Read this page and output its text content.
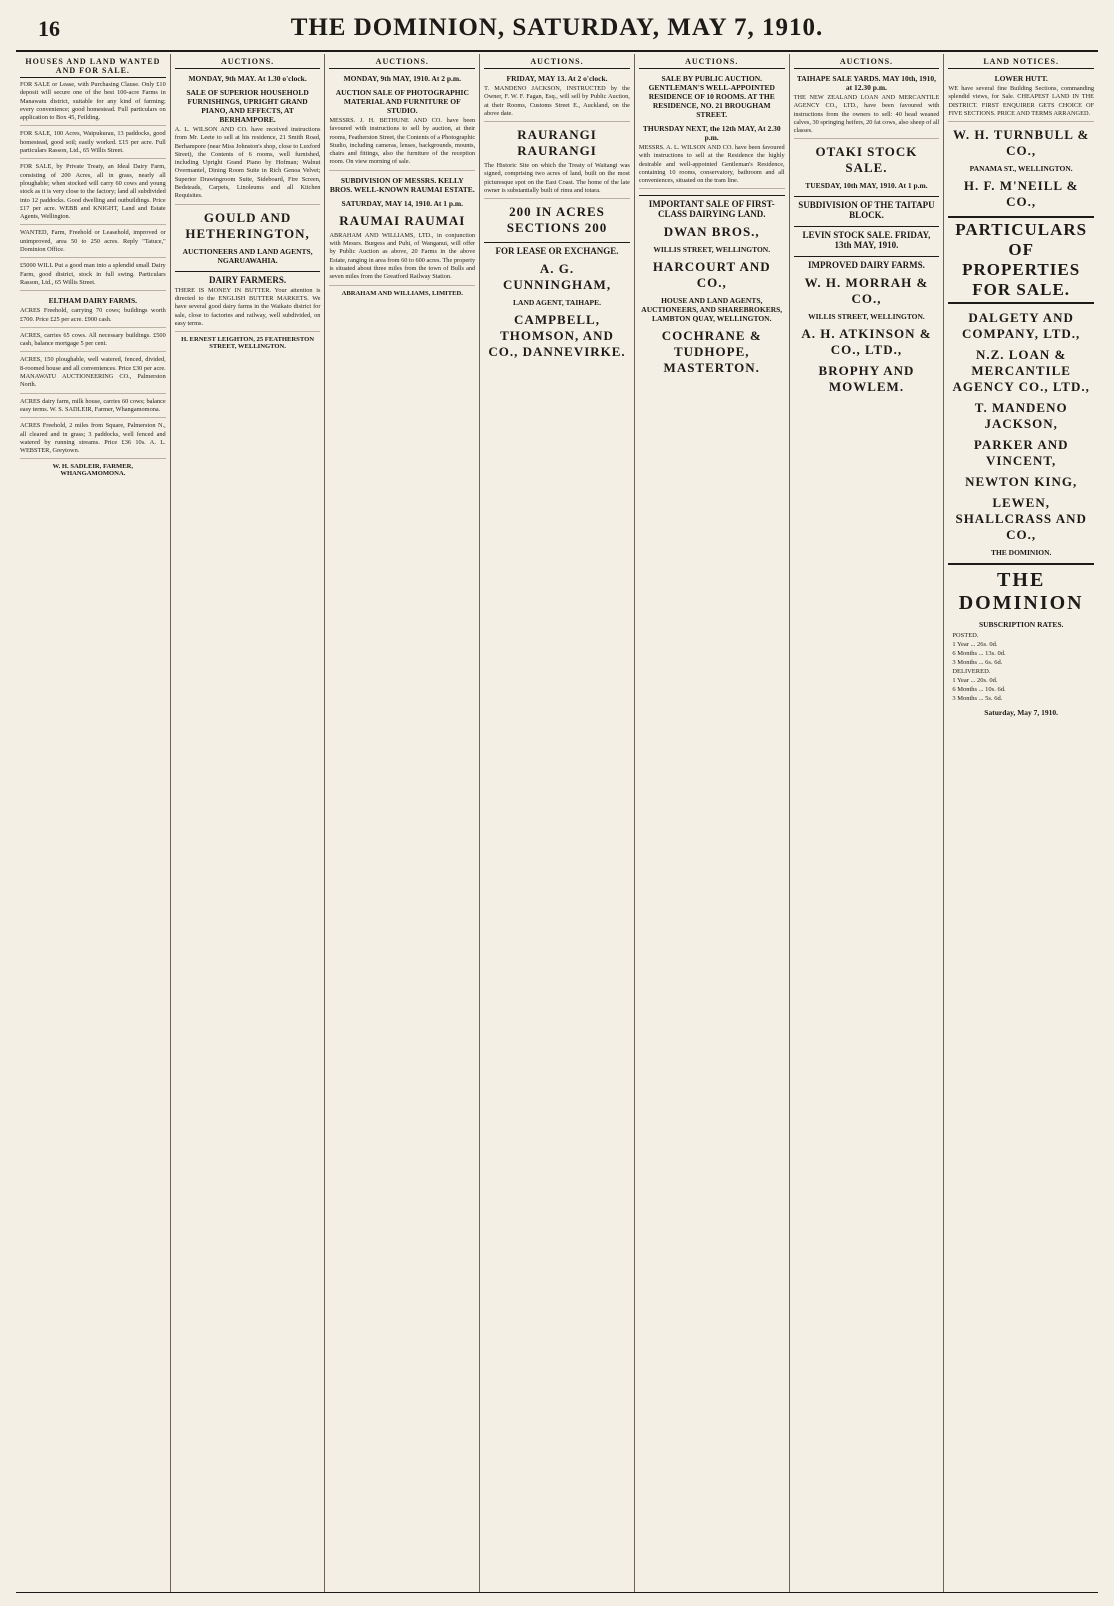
16	THE DOMINION, SATURDAY, MAY 7, 1910.
HOUSES AND LAND WANTED AND FOR SALE.

FOR SALE or Lease, with Purchasing Clause. Only £10 deposit will secure one of the best 100-acre Farms in Manawatu district, suitable for any kind of farming; every convenience; good homestead. Full particulars on application to Box 45, Feilding.

FOR SALE, 100 Acres, Waipukurau, 13 paddocks, good homestead, good soil; easily worked. £15 per acre. Full particulars Rasson, Ltd., 65 Willis Street.

FOR SALE, by Private Treaty, an Ideal Dairy Farm, consisting of 200 Acres, all in grass, nearly all ploughable; when stocked will carry 60 cows and young stock as it is very close to the factory; land all subdivided into 12 paddocks. Good dwelling and outbuildings. Price £17 per acre. WEBB and KNIGHT, Land and Estate Agents, Wellington.

WANTED, Farm, Freehold or Leasehold, improved or unimproved, area 50 to 250 acres. Reply "Tatuce," Dominion Office.

£5000 WILL Put a good man into a splendid small Dairy Farm, good district, stock in full swing. Particulars Rasson, Ltd., 65 Willis Street.

ELTHAM DAIRY FARMS.

ACRES Freehold, carrying 70 cows; buildings worth £700. Price £25 per acre. £900 cash.

ACRES, carries 65 cows. All necessary buildings. £500 cash, balance mortgage 5 per cent.

ACRES, 150 ploughable, well watered, fenced, divided, 8-roomed house and all conveniences. Price £30 per acre. MANAWATU AUCTIONEERING CO., Palmerston North.

ACRES dairy farm, milk house, carries 60 cows; balance easy terms. W. S. SADLEIR, Farmer, Whangamomona.

ACRES Freehold, 2 miles from Square, Palmerston N., all cleared and in grass; 3 paddocks, well fenced and watered by running streams. Price £36 10s. A. L. WEBSTER, Greytown.

W. H. SADLEIR, FARMER, WHANGAMOMONA.
AUCTIONS.
MONDAY, 9th MAY. At 1.30 o'clock.
SALE OF SUPERIOR HOUSEHOLD FURNISHINGS, UPRIGHT GRAND PIANO, AND EFFECTS, AT BERHAMPORE.

A. L. WILSON AND CO. have received instructions from Mr. Leete to sell at his residence, 21 Smith Road, Berhampore (near Miss Johnston's shop, close to Luxford Street), the Contents of 6 rooms, well furnished, including Upright Grand Piano by Hofman; Walnut Overmantel, Dining Room Suite in Rich Genoa Velvet; Superior Drawingroom Suite, Sideboard, Fire Screen, Bedsteads, Carpets, Linoleums and all Kitchen Requisites.

GOULD AND HETHERINGTON,
AUCTIONEERS AND LAND AGENTS, NGARUAWAHIA.
DAIRY FARMERS.

THERE IS MONEY IN BUTTER. Your attention is directed to the ENGLISH BUTTER MARKETS. We have several good dairy farms in the Waikato district for sale, close to factories and railway, well subdivided, on easy terms.

H. ERNEST LEIGHTON, 25 FEATHERSTON STREET, WELLINGTON.
AUCTIONS.
MONDAY, 9th MAY, 1910. At 2 p.m.
AUCTION SALE OF PHOTOGRAPHIC MATERIAL AND FURNITURE OF STUDIO.

MESSRS. J. H. BETHUNE AND CO. have been favoured with instructions to sell by auction, at their rooms, Featherston Street, the Contents of a Photographic Studio, including cameras, lenses, backgrounds, mounts, chairs and fittings, also the furniture of the reception room. On view morning of sale.

SUBDIVISION OF MESSRS. KELLY BROS. WELL-KNOWN RAUMAI ESTATE.
SATURDAY, MAY 14, 1910. At 1 p.m.
RAUMAI RAUMAI

ABRAHAM AND WILLIAMS, LTD., in conjunction with Messrs. Burgess and Puhi, of Wanganui, will offer by Public Auction as above, 20 Farms in the above Estate, ranging in area from 60 to 600 acres. The property is situated about three miles from the town of Bulls and seven miles from the Greatford Railway Station.

ABRAHAM AND WILLIAMS, LIMITED.
AUCTIONS.
FRIDAY, MAY 13. At 2 o'clock.

T. MANDENO JACKSON, INSTRUCTED by the Owner, F. W. F. Fagan, Esq., will sell by Public Auction, at their Rooms, Customs Street E., Auckland, on the above date.

RAURANGI RAURANGI

The Historic Site on which the Treaty of Waitangi was signed, comprising two acres of land, built on the most picturesque spot on the East Coast. The home of the late owner is substantially built of rimu and totara.

200 IN ACRES SECTIONS 200
FOR LEASE OR EXCHANGE.
A. G. CUNNINGHAM,
LAND AGENT, TAIHAPE.
CAMPBELL, THOMSON, AND CO., DANNEVIRKE.
AUCTIONS.
SALE BY PUBLIC AUCTION. GENTLEMAN'S WELL-APPOINTED RESIDENCE OF 10 ROOMS. AT THE RESIDENCE, NO. 21 BROUGHAM STREET.
THURSDAY NEXT, the 12th MAY, At 2.30 p.m.

MESSRS. A. L. WILSON AND CO. have been favoured with instructions to sell at the Residence the highly desirable and well-appointed Gentleman's Residence, containing 10 rooms, conservatory, bathroom and all conveniences, situated on the tram line.

IMPORTANT SALE OF FIRST-CLASS DAIRYING LAND.
DWAN BROS.,
WILLIS STREET, WELLINGTON.
HARCOURT AND CO.,
HOUSE AND LAND AGENTS, AUCTIONEERS, AND SHAREBROKERS, LAMBTON QUAY, WELLINGTON.
COCHRANE & TUDHOPE, MASTERTON.
AUCTIONS.
TAIHAPE SALE YARDS. MAY 10th, 1910, at 12.30 p.m.

THE NEW ZEALAND LOAN AND MERCANTILE AGENCY CO., LTD., have been favoured with instructions from the owners to sell: 40 head weaned calves, 30 springing heifers, 20 fat cows, also sheep of all classes.

OTAKI STOCK SALE.
TUESDAY, 10th MAY, 1910. At 1 p.m.
SUBDIVISION OF THE TAITAPU BLOCK.
LEVIN STOCK SALE. FRIDAY, 13th MAY, 1910.
IMPROVED DAIRY FARMS.
W. H. MORRAH & CO.,
WILLIS STREET, WELLINGTON.
A. H. ATKINSON & CO., LTD.,
BROPHY AND MOWLEM.
LAND NOTICES.
LOWER HUTT.

WE have several fine Building Sections, commanding splendid views, for Sale. CHEAPEST LAND IN THE DISTRICT. FIRST ENQUIRER GETS CHOICE OF FIVE SECTIONS. PRICE AND TERMS ARRANGED.

W. H. TURNBULL & CO.,
PANAMA ST., WELLINGTON.
H. F. M'NEILL & CO.,
PARTICULARS OF PROPERTIES FOR SALE.
DALGETY AND COMPANY, LTD.,
N.Z. LOAN & MERCANTILE AGENCY CO., LTD.,
T. MANDENO JACKSON,
PARKER AND VINCENT,
NEWTON KING,
LEWEN, SHALLCRASS AND CO.,
THE DOMINION.
THE DOMINION
SUBSCRIPTION RATES.
POSTED.
1 Year ... 26s. 0d.
6 Months ... 13s. 0d.
3 Months ... 6s. 6d.
DELIVERED.
1 Year ... 20s. 0d.
6 Months ... 10s. 6d.
3 Months ... 5s. 6d.
Saturday, May 7, 1910.
